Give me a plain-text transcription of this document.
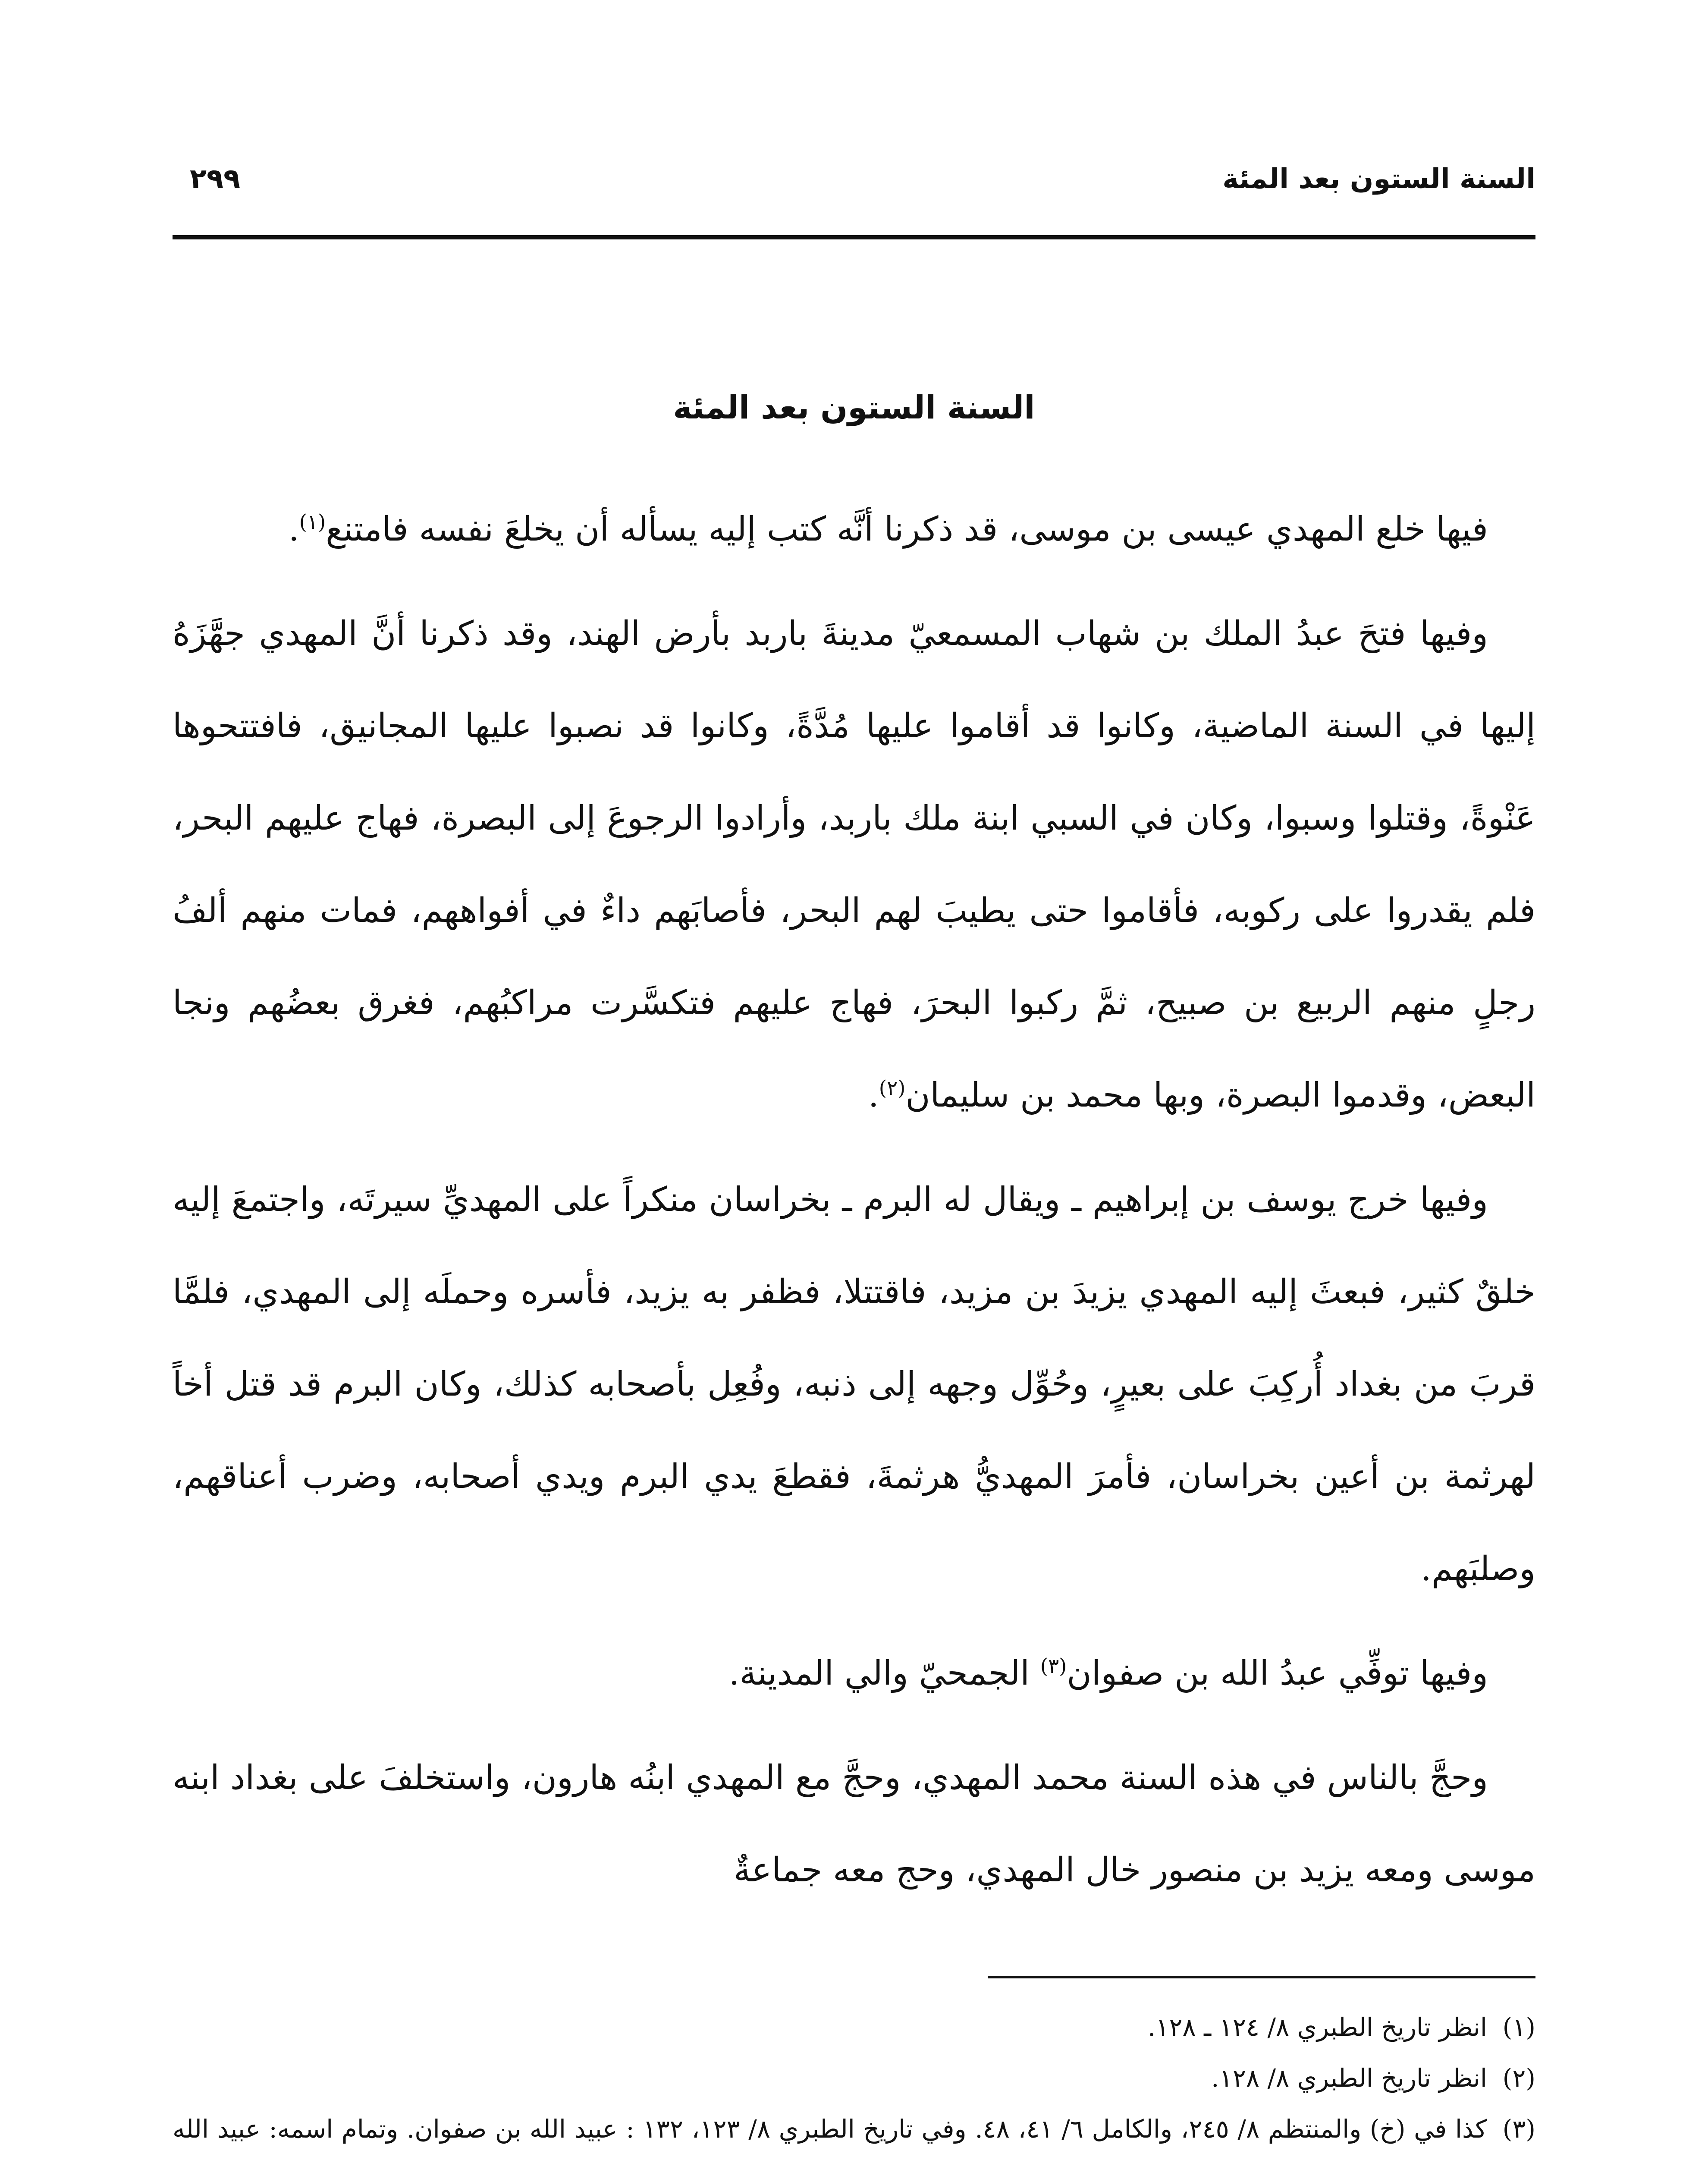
السنة الستون بعد المئة
٢٩٩
السنة الستون بعد المئة

فيها خلع المهدي عيسى بن موسى، قد ذكرنا أنَّه كتب إليه يسأله أن يخلعَ نفسه فامتنع$^{(١)}$.

وفيها فتحَ عبدُ الملك بن شهاب المسمعيّ مدينةَ باربد بأرض الهند، وقد ذكرنا أنَّ المهدي جهَّزَهُ إليها في السنة الماضية، وكانوا قد أقاموا عليها مُدَّةً، وكانوا قد نصبوا عليها المجانيق، فافتتحوها عَنْوةً، وقتلوا وسبوا، وكان في السبي ابنة ملك باربد، وأرادوا الرجوعَ إلى البصرة، فهاج عليهم البحر، فلم يقدروا على ركوبه، فأقاموا حتى يطيبَ لهم البحر، فأصابَهم داءٌ في أفواههم، فمات منهم ألفُ رجلٍ منهم الربيع بن صبيح، ثمَّ ركبوا البحرَ، فهاج عليهم فتكسَّرت مراكبُهم، فغرق بعضُهم ونجا البعض، وقدموا البصرة، وبها محمد بن سليمان$^{(٢)}$.

وفيها خرج يوسف بن إبراهيم ـ ويقال له البرم ـ بخراسان منكراً على المهديِّ سيرتَه، واجتمعَ إليه خلقٌ كثير، فبعثَ إليه المهدي يزيدَ بن مزيد، فاقتتلا، فظفر به يزيد، فأسره وحملَه إلى المهدي، فلمَّا قربَ من بغداد أُركِبَ على بعيرٍ، وحُوِّل وجهه إلى ذنبه، وفُعِل بأصحابه كذلك، وكان البرم قد قتل أخاً لهرثمة بن أعين بخراسان، فأمرَ المهديُّ هرثمةَ، فقطعَ يدي البرم ويدي أصحابه، وضرب أعناقهم، وصلبَهم.

وفيها توفِّي عبدُ الله بن صفوان$^{(٣)}$ الجمحيّ والي المدينة.

وحجَّ بالناس في هذه السنة محمد المهدي، وحجَّ مع المهدي ابنُه هارون، واستخلفَ على بغداد ابنه موسى ومعه يزيد بن منصور خال المهدي، وحج معه جماعةٌ

(١)
انظر تاريخ الطبري ٨/ ١٢٤ ـ ١٢٨.
(٢)
انظر تاريخ الطبري ٨/ ١٢٨.
(٣)
كذا في (خ) والمنتظم ٨/ ٢٤٥، والكامل ٦/ ٤١، ٤٨. وفي تاريخ الطبري ٨/ ١٢٣، ١٣٢ : عبيد الله بن صفوان. وتمام اسمه: عبيد الله
